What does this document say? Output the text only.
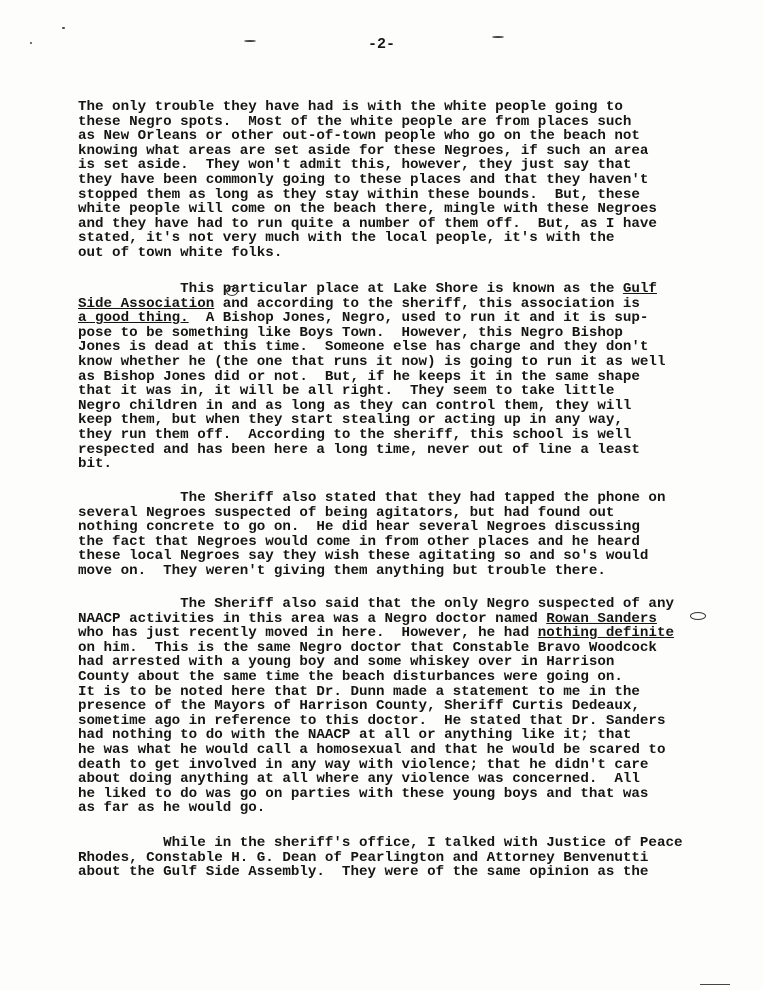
-2-
The only trouble they have had is with the white people going to
these Negro spots.  Most of the white people are from places such
as New Orleans or other out-of-town people who go on the beach not
knowing what areas are set aside for these Negroes, if such an area
is set aside.  They won't admit this, however, they just say that
they have been commonly going to these places and that they haven't
stopped them as long as they stay within these bounds.  But, these
white people will come on the beach there, mingle with these Negroes
and they have had to run quite a number of them off.  But, as I have
stated, it's not very much with the local people, it's with the
out of town white folks.
This particular place at Lake Shore is known as the Gulf
Side Association and according to the sheriff, this association is
a good thing.  A Bishop Jones, Negro, used to run it and it is sup-
pose to be something like Boys Town.  However, this Negro Bishop
Jones is dead at this time.  Someone else has charge and they don't
know whether he (the one that runs it now) is going to run it as well
as Bishop Jones did or not.  But, if he keeps it in the same shape
that it was in, it will be all right.  They seem to take little
Negro children in and as long as they can control them, they will
keep them, but when they start stealing or acting up in any way,
they run them off.  According to the sheriff, this school is well
respected and has been here a long time, never out of line a least
bit.
The Sheriff also stated that they had tapped the phone on
several Negroes suspected of being agitators, but had found out
nothing concrete to go on.  He did hear several Negroes discussing
the fact that Negroes would come in from other places and he heard
these local Negroes say they wish these agitating so and so's would
move on.  They weren't giving them anything but trouble there.
The Sheriff also said that the only Negro suspected of any
NAACP activities in this area was a Negro doctor named Rowan Sanders
who has just recently moved in here.  However, he had nothing definite
on him.  This is the same Negro doctor that Constable Bravo Woodcock
had arrested with a young boy and some whiskey over in Harrison
County about the same time the beach disturbances were going on.
It is to be noted here that Dr. Dunn made a statement to me in the
presence of the Mayors of Harrison County, Sheriff Curtis Dedeaux,
sometime ago in reference to this doctor.  He stated that Dr. Sanders
had nothing to do with the NAACP at all or anything like it; that
he was what he would call a homosexual and that he would be scared to
death to get involved in any way with violence; that he didn't care
about doing anything at all where any violence was concerned.  All
he liked to do was go on parties with these young boys and that was
as far as he would go.
While in the sheriff's office, I talked with Justice of Peace
Rhodes, Constable H. G. Dean of Pearlington and Attorney Benvenutti
about the Gulf Side Assembly.  They were of the same opinion as the
